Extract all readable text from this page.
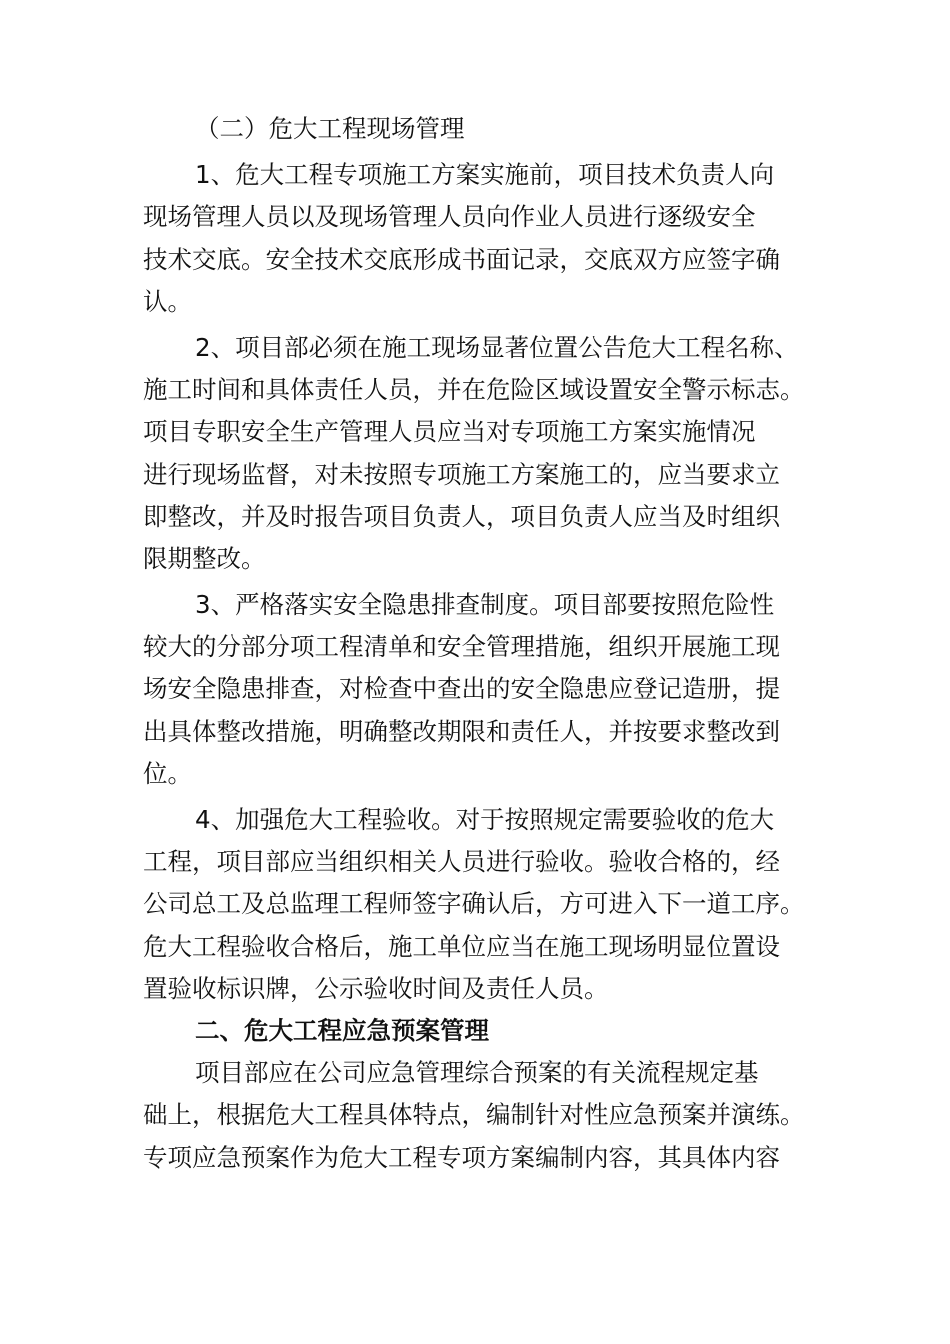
（二）危大工程现场管理
1、危大工程专项施工方案实施前，项目技术负责人向
现场管理人员以及现场管理人员向作业人员进行逐级安全
技术交底。安全技术交底形成书面记录，交底双方应签字确
认。
2、项目部必须在施工现场显著位置公告危大工程名称、
施工时间和具体责任人员，并在危险区域设置安全警示标志。
项目专职安全生产管理人员应当对专项施工方案实施情况
进行现场监督，对未按照专项施工方案施工的，应当要求立
即整改，并及时报告项目负责人，项目负责人应当及时组织
限期整改。
3、严格落实安全隐患排查制度。项目部要按照危险性
较大的分部分项工程清单和安全管理措施，组织开展施工现
场安全隐患排查，对检查中查出的安全隐患应登记造册，提
出具体整改措施，明确整改期限和责任人，并按要求整改到
位。
4、加强危大工程验收。对于按照规定需要验收的危大
工程，项目部应当组织相关人员进行验收。验收合格的，经
公司总工及总监理工程师签字确认后，方可进入下一道工序。
危大工程验收合格后，施工单位应当在施工现场明显位置设
置验收标识牌，公示验收时间及责任人员。
二、危大工程应急预案管理
项目部应在公司应急管理综合预案的有关流程规定基
础上，根据危大工程具体特点，编制针对性应急预案并演练。
专项应急预案作为危大工程专项方案编制内容，其具体内容
